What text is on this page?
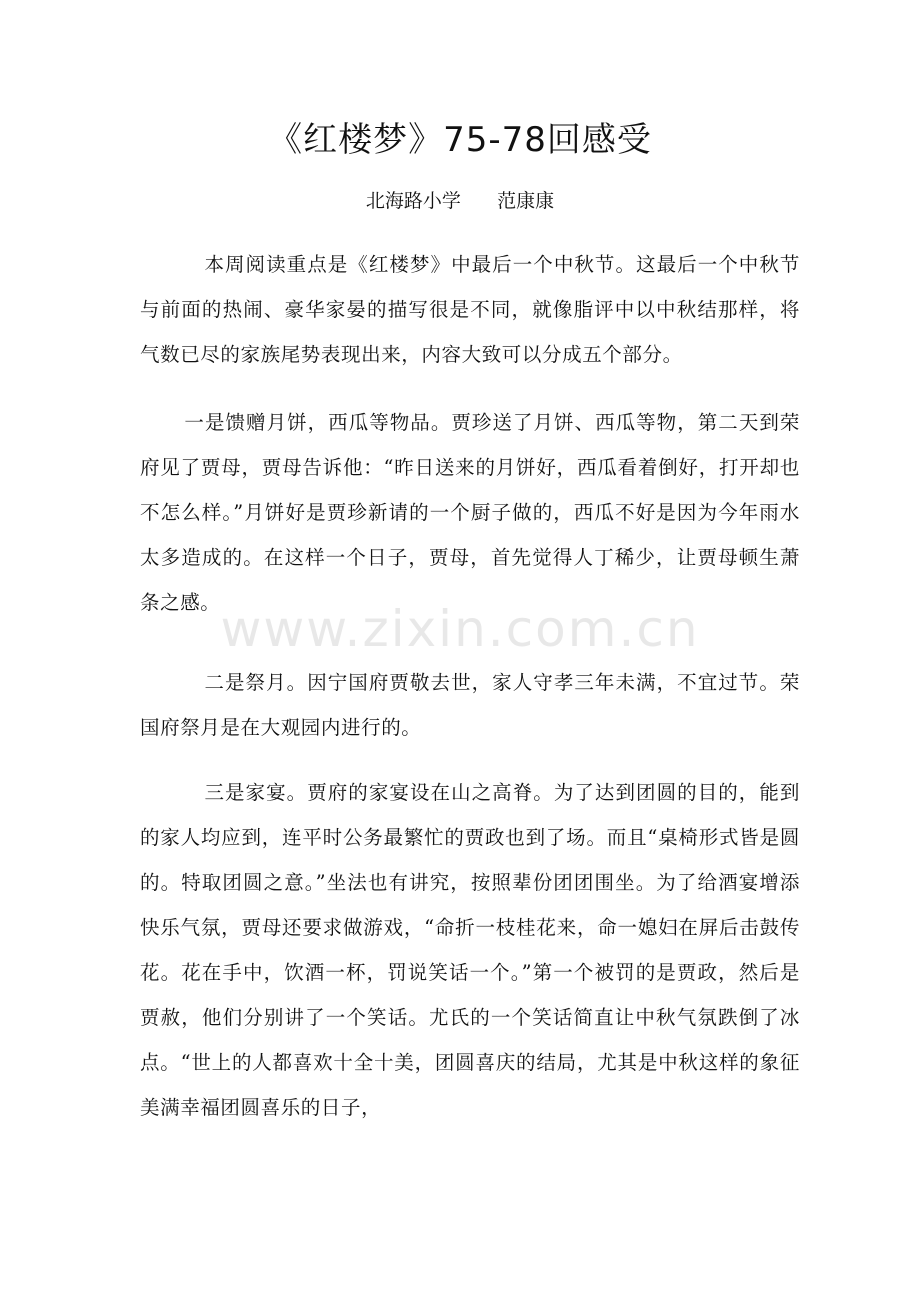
《红楼梦》75-78回感受
北海路小学      范康康

本周阅读重点是《红楼梦》中最后一个中秋节。这最后一个中秋节与前面的热闹、豪华家晏的描写很是不同，就像脂评中以中秋结那样，将气数已尽的家族尾势表现出来，内容大致可以分成五个部分。

一是馈赠月饼，西瓜等物品。贾珍送了月饼、西瓜等物，第二天到荣府见了贾母，贾母告诉他：“昨日送来的月饼好，西瓜看着倒好，打开却也不怎么样。”月饼好是贾珍新请的一个厨子做的，西瓜不好是因为今年雨水太多造成的。在这样一个日子，贾母，首先觉得人丁稀少，让贾母顿生萧条之感。

二是祭月。因宁国府贾敬去世，家人守孝三年未满，不宜过节。荣国府祭月是在大观园内进行的。

三是家宴。贾府的家宴设在山之高脊。为了达到团圆的目的，能到的家人均应到，连平时公务最繁忙的贾政也到了场。而且“桌椅形式皆是圆的。特取团圆之意。”坐法也有讲究，按照辈份团团围坐。为了给酒宴增添快乐气氛，贾母还要求做游戏，“命折一枝桂花来，命一媳妇在屏后击鼓传花。花在手中，饮酒一杯，罚说笑话一个。”第一个被罚的是贾政，然后是贾赦，他们分别讲了一个笑话。尤氏的一个笑话简直让中秋气氛跌倒了冰点。“世上的人都喜欢十全十美，团圆喜庆的结局，尤其是中秋这样的象征美满幸福团圆喜乐的日子，

www.zixin.com.cn
